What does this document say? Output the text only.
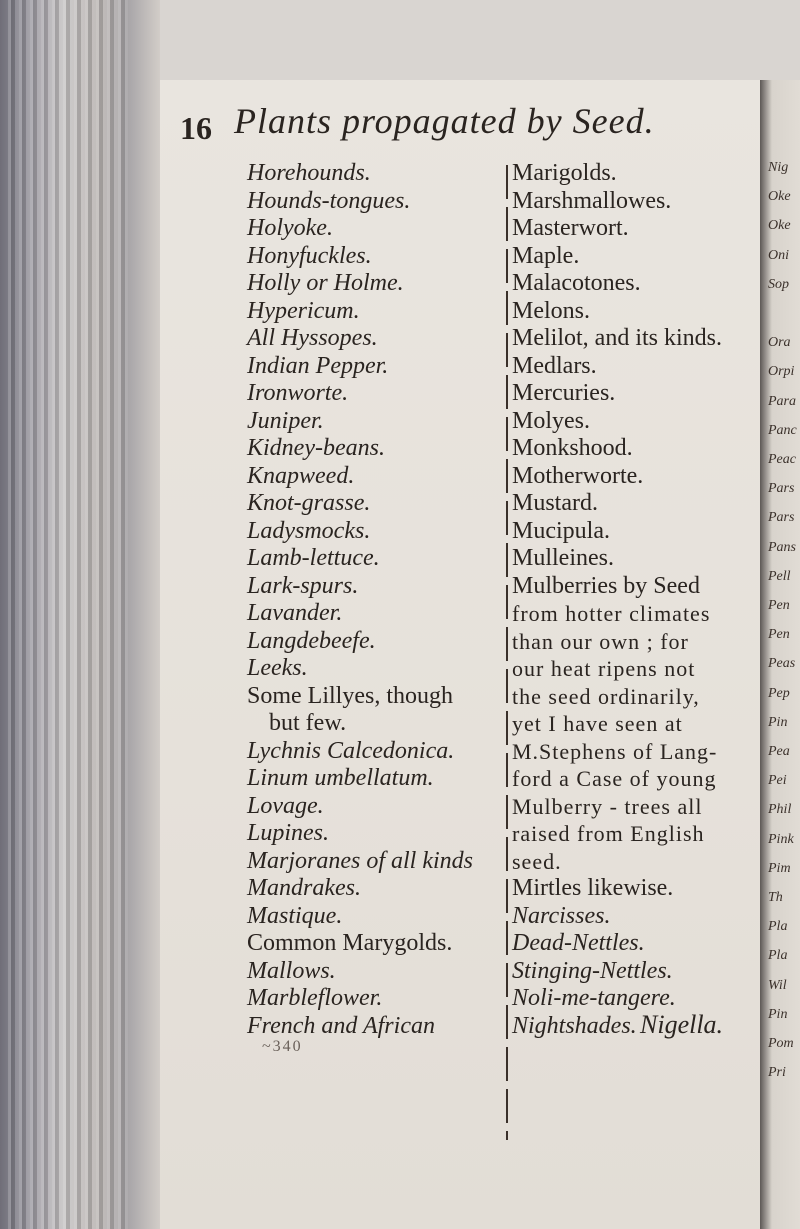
16 Plants propagated by Seed.
Horehounds.
Hounds-tongues.
Holyoke.
Honyfuckles.
Holly or Holme.
Hypericum.
All Hyssopes.
Indian Pepper.
Ironworte.
Juniper.
Kidney-beans.
Knapweed.
Knot-grasse.
Ladysmocks.
Lamb-lettuce.
Lark-spurs.
Lavander.
Langdebeefe.
Leeks.
Some Lillyes, though
but few.
Lychnis Calcedonica.
Linum umbellatum.
Lovage.
Lupines.
Marjoranes of all kinds
Mandrakes.
Mastique.
Common Marygolds.
Mallows.
Marbleflower.
French and African
Marigolds.
Marshmallowes.
Masterwort.
Maple.
Malacotones.
Melons.
Melilot, and its kinds.
Medlars.
Mercuries.
Molyes.
Monkshood.
Motherworte.
Mustard.
Mucipula.
Mulleines.
Mulberries by Seed
from hotter climates
than our own ; for
our heat ripens not
the seed ordinarily,
yet I have seen at
M.Stephens of Lang-
ford a Case of young
Mulberry - trees all
raised from English
seed.
Mirtles likewise.
Narcisses.
Dead-Nettles.
Stinging-Nettles.
Noli-me-tangere.
Nightshades. Nigella.
~340
Nig
Oke
Oke
Oni
Sop
Ora
Orpi
Para
Panc
Peac
Pars
Pars
Pans
Pell
Pen
Pen
Peas
Pep
Pin
Pea
Pei
Phil
Pink
Pim
Th
Pla
Pla
Wil
Pin
Pom
Pri
